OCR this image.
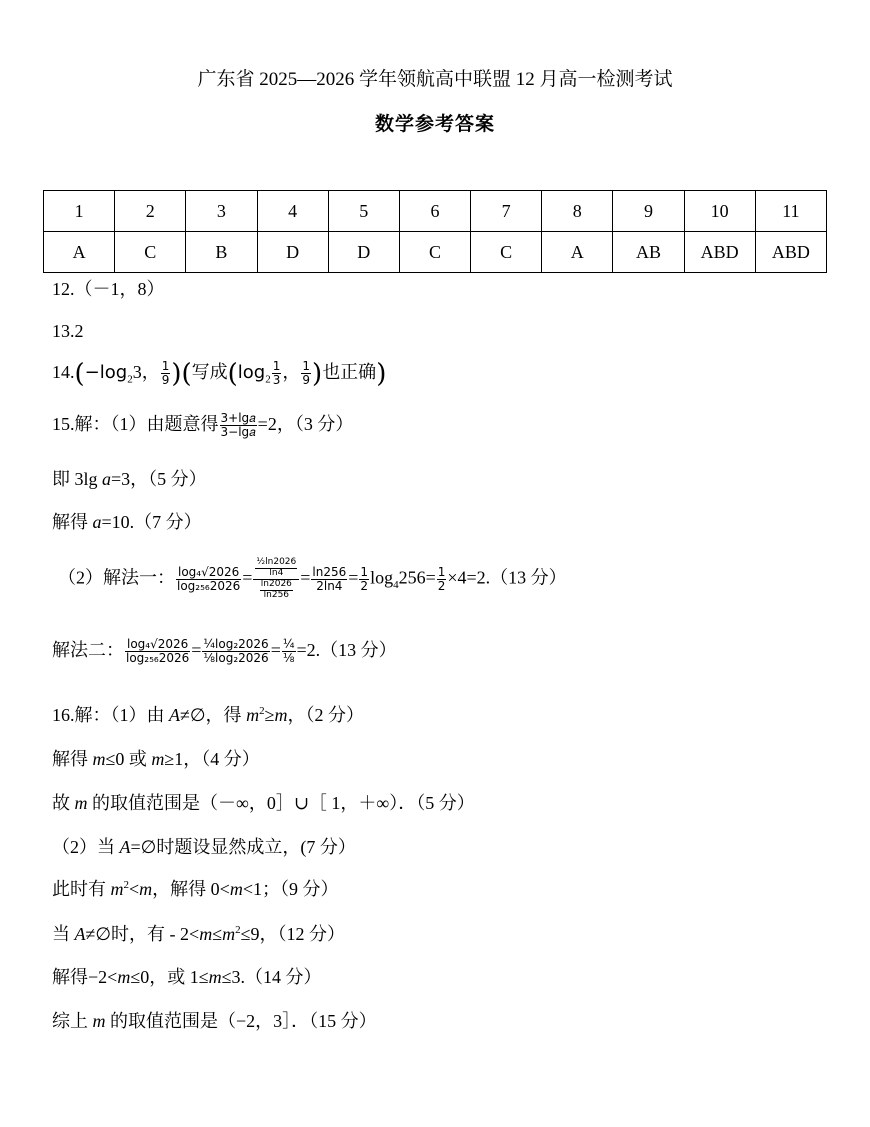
广东省 2025—2026 学年领航高中联盟 12 月高一检测考试
数学参考答案
1	2	3	4	5	6	7	8	9	10	11
A	C	B	D	D	C	C	A	AB	ABD	ABD
12.（－1，8）
13.2
$14.(-\log_23$， $\frac{1}{9}$ )(写成($\log_2 \frac{1}{3}$ ， $\frac{1}{9}$ )也正确)
15.解：（1）由题意得 $\frac{\text{3+lg𝑎}}{\text{3−lg𝑎}} =2$，（3 分）
即 3lg a=3，（5 分）
解得 a=10.（7 分）
（2）解法一： $\frac{\text{log₄√2026}}{\text{log₂₅₆2026}} = \frac{\frac{\text{½ln2026}}{\ln 4}}{\frac{\ln 2026}{\ln 256}} = \frac{\ln 256}{2\ln 4} = \frac{1}{2} \log_4256= \frac{1}{2} \times 4=2.(13$ 分）
解法二： $\frac{\text{log₄√2026}}{\text{log₂₅₆2026}} = \frac{\text{¼log₂2026}}{\text{⅛log₂2026}} = \frac{\text{¼}}{\text{⅛}} =2.(13$ 分）
16.解：（1）由 A≠∅，得 $m^2\ge m$，（2 分）
解得 m≤0 或 m≥1，（4 分）
故 m 的取值范围是（－∞，0］∪［ 1，＋∞）．（5 分）
（2）当 A=∅时题设显然成立，(7 分）
此时有 $m^2<m$，解得 0<m<1；（9 分）
当 A≠∅时，有 - $2<m\le m^2\le 9$，（12 分）
解得−2<m≤0，或 1≤m≤3.（14 分）
综上 m 的取值范围是（−2，3］．（15 分）
